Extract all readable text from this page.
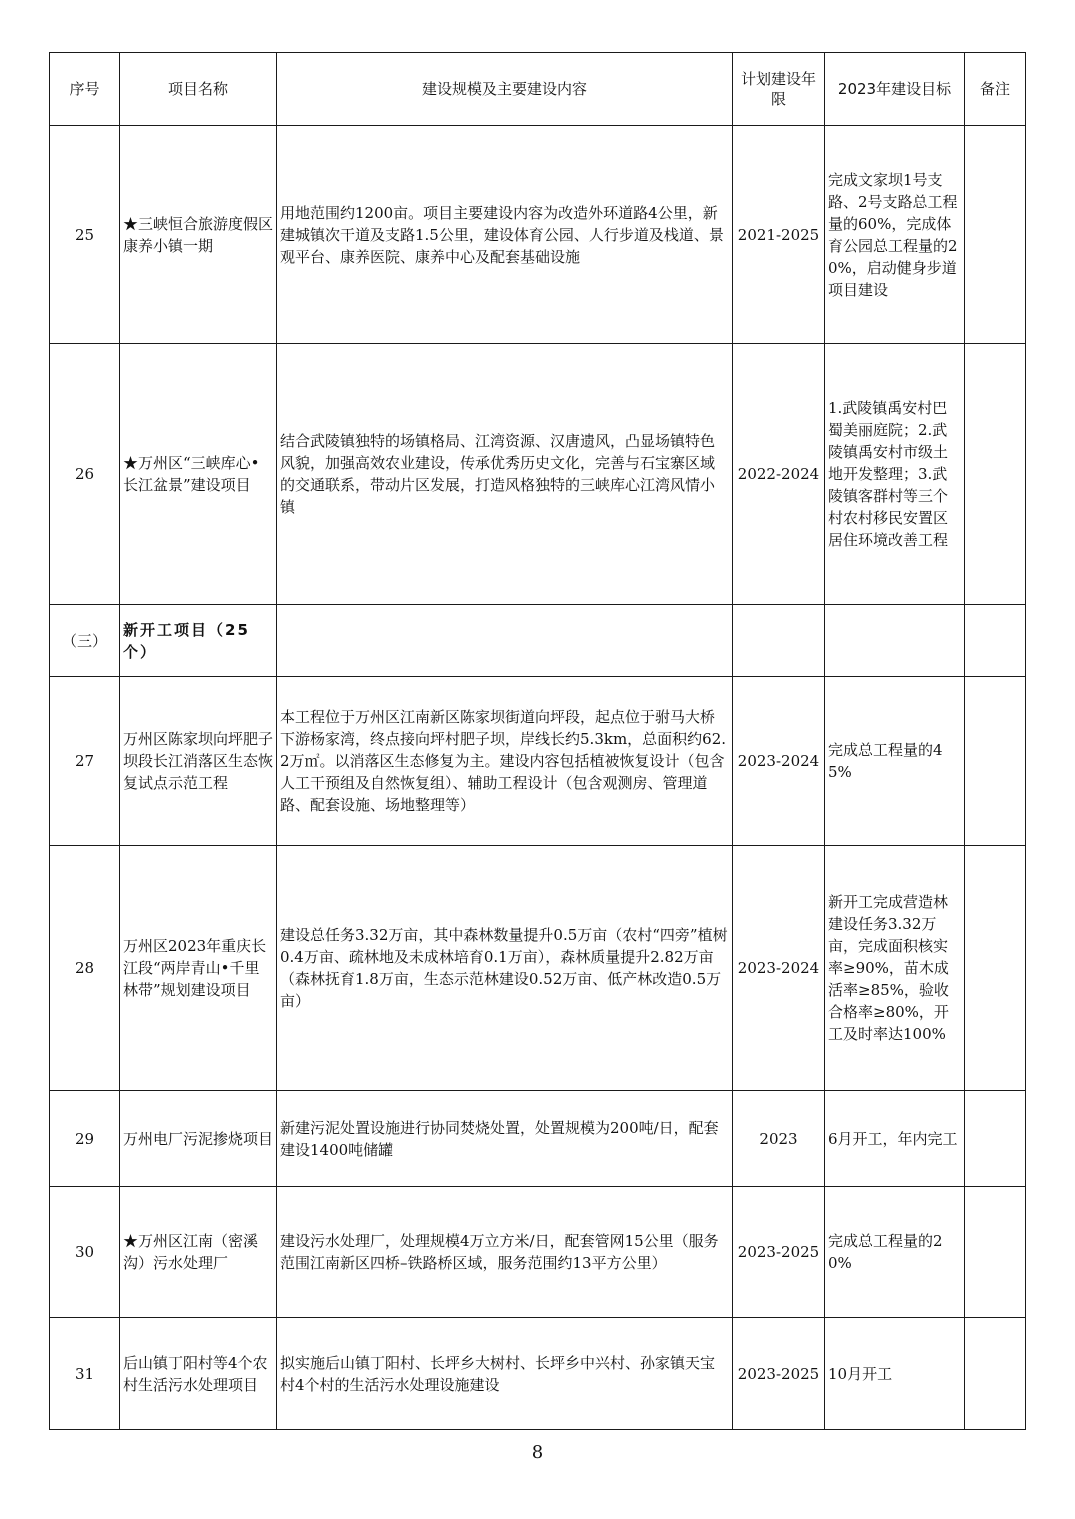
序号	项目名称	建设规模及主要建设内容	计划建设年限	2023年建设目标	备注
25	★三峡恒合旅游度假区康养小镇一期	用地范围约1200亩。项目主要建设内容为改造外环道路4公里，新建城镇次干道及支路1.5公里，建设体育公园、人行步道及栈道、景观平台、康养医院、康养中心及配套基础设施	2021-2025	完成文家坝1号支路、2号支路总工程量的60%，完成体育公园总工程量的20%，启动健身步道项目建设	
26	★万州区“三峡库心•长江盆景”建设项目	结合武陵镇独特的场镇格局、江湾资源、汉唐遗风，凸显场镇特色风貌，加强高效农业建设，传承优秀历史文化，完善与石宝寨区域的交通联系，带动片区发展，打造风格独特的三峡库心江湾风情小镇	2022-2024	1.武陵镇禹安村巴蜀美丽庭院；2.武陵镇禹安村市级土地开发整理；3.武陵镇客群村等三个村农村移民安置区居住环境改善工程	
（三）	新开工项目（25个）				
27	万州区陈家坝向坪肥子坝段长江消落区生态恢复试点示范工程	本工程位于万州区江南新区陈家坝街道向坪段，起点位于驸马大桥下游杨家湾，终点接向坪村肥子坝，岸线长约5.3km，总面积约62.2万㎡。以消落区生态修复为主。建设内容包括植被恢复设计（包含人工干预组及自然恢复组）、辅助工程设计（包含观测房、管理道路、配套设施、场地整理等）	2023-2024	完成总工程量的45%	
28	万州区2023年重庆长江段“两岸青山•千里林带”规划建设项目	建设总任务3.32万亩，其中森林数量提升0.5万亩（农村“四旁”植树0.4万亩、疏林地及未成林培育0.1万亩），森林质量提升2.82万亩（森林抚育1.8万亩，生态示范林建设0.52万亩、低产林改造0.5万亩）	2023-2024	新开工完成营造林建设任务3.32万亩，完成面积核实率≥90%，苗木成活率≥85%，验收合格率≥80%，开工及时率达100%	
29	万州电厂污泥掺烧项目	新建污泥处置设施进行协同焚烧处置，处置规模为200吨/日，配套建设1400吨储罐	2023	6月开工，年内完工	
30	★万州区江南（密溪沟）污水处理厂	建设污水处理厂，处理规模4万立方米/日，配套管网15公里（服务范围江南新区四桥–铁路桥区域，服务范围约13平方公里）	2023-2025	完成总工程量的20%	
31	后山镇丁阳村等4个农村生活污水处理项目	拟实施后山镇丁阳村、长坪乡大树村、长坪乡中兴村、孙家镇天宝村4个村的生活污水处理设施建设	2023-2025	10月开工	
8
